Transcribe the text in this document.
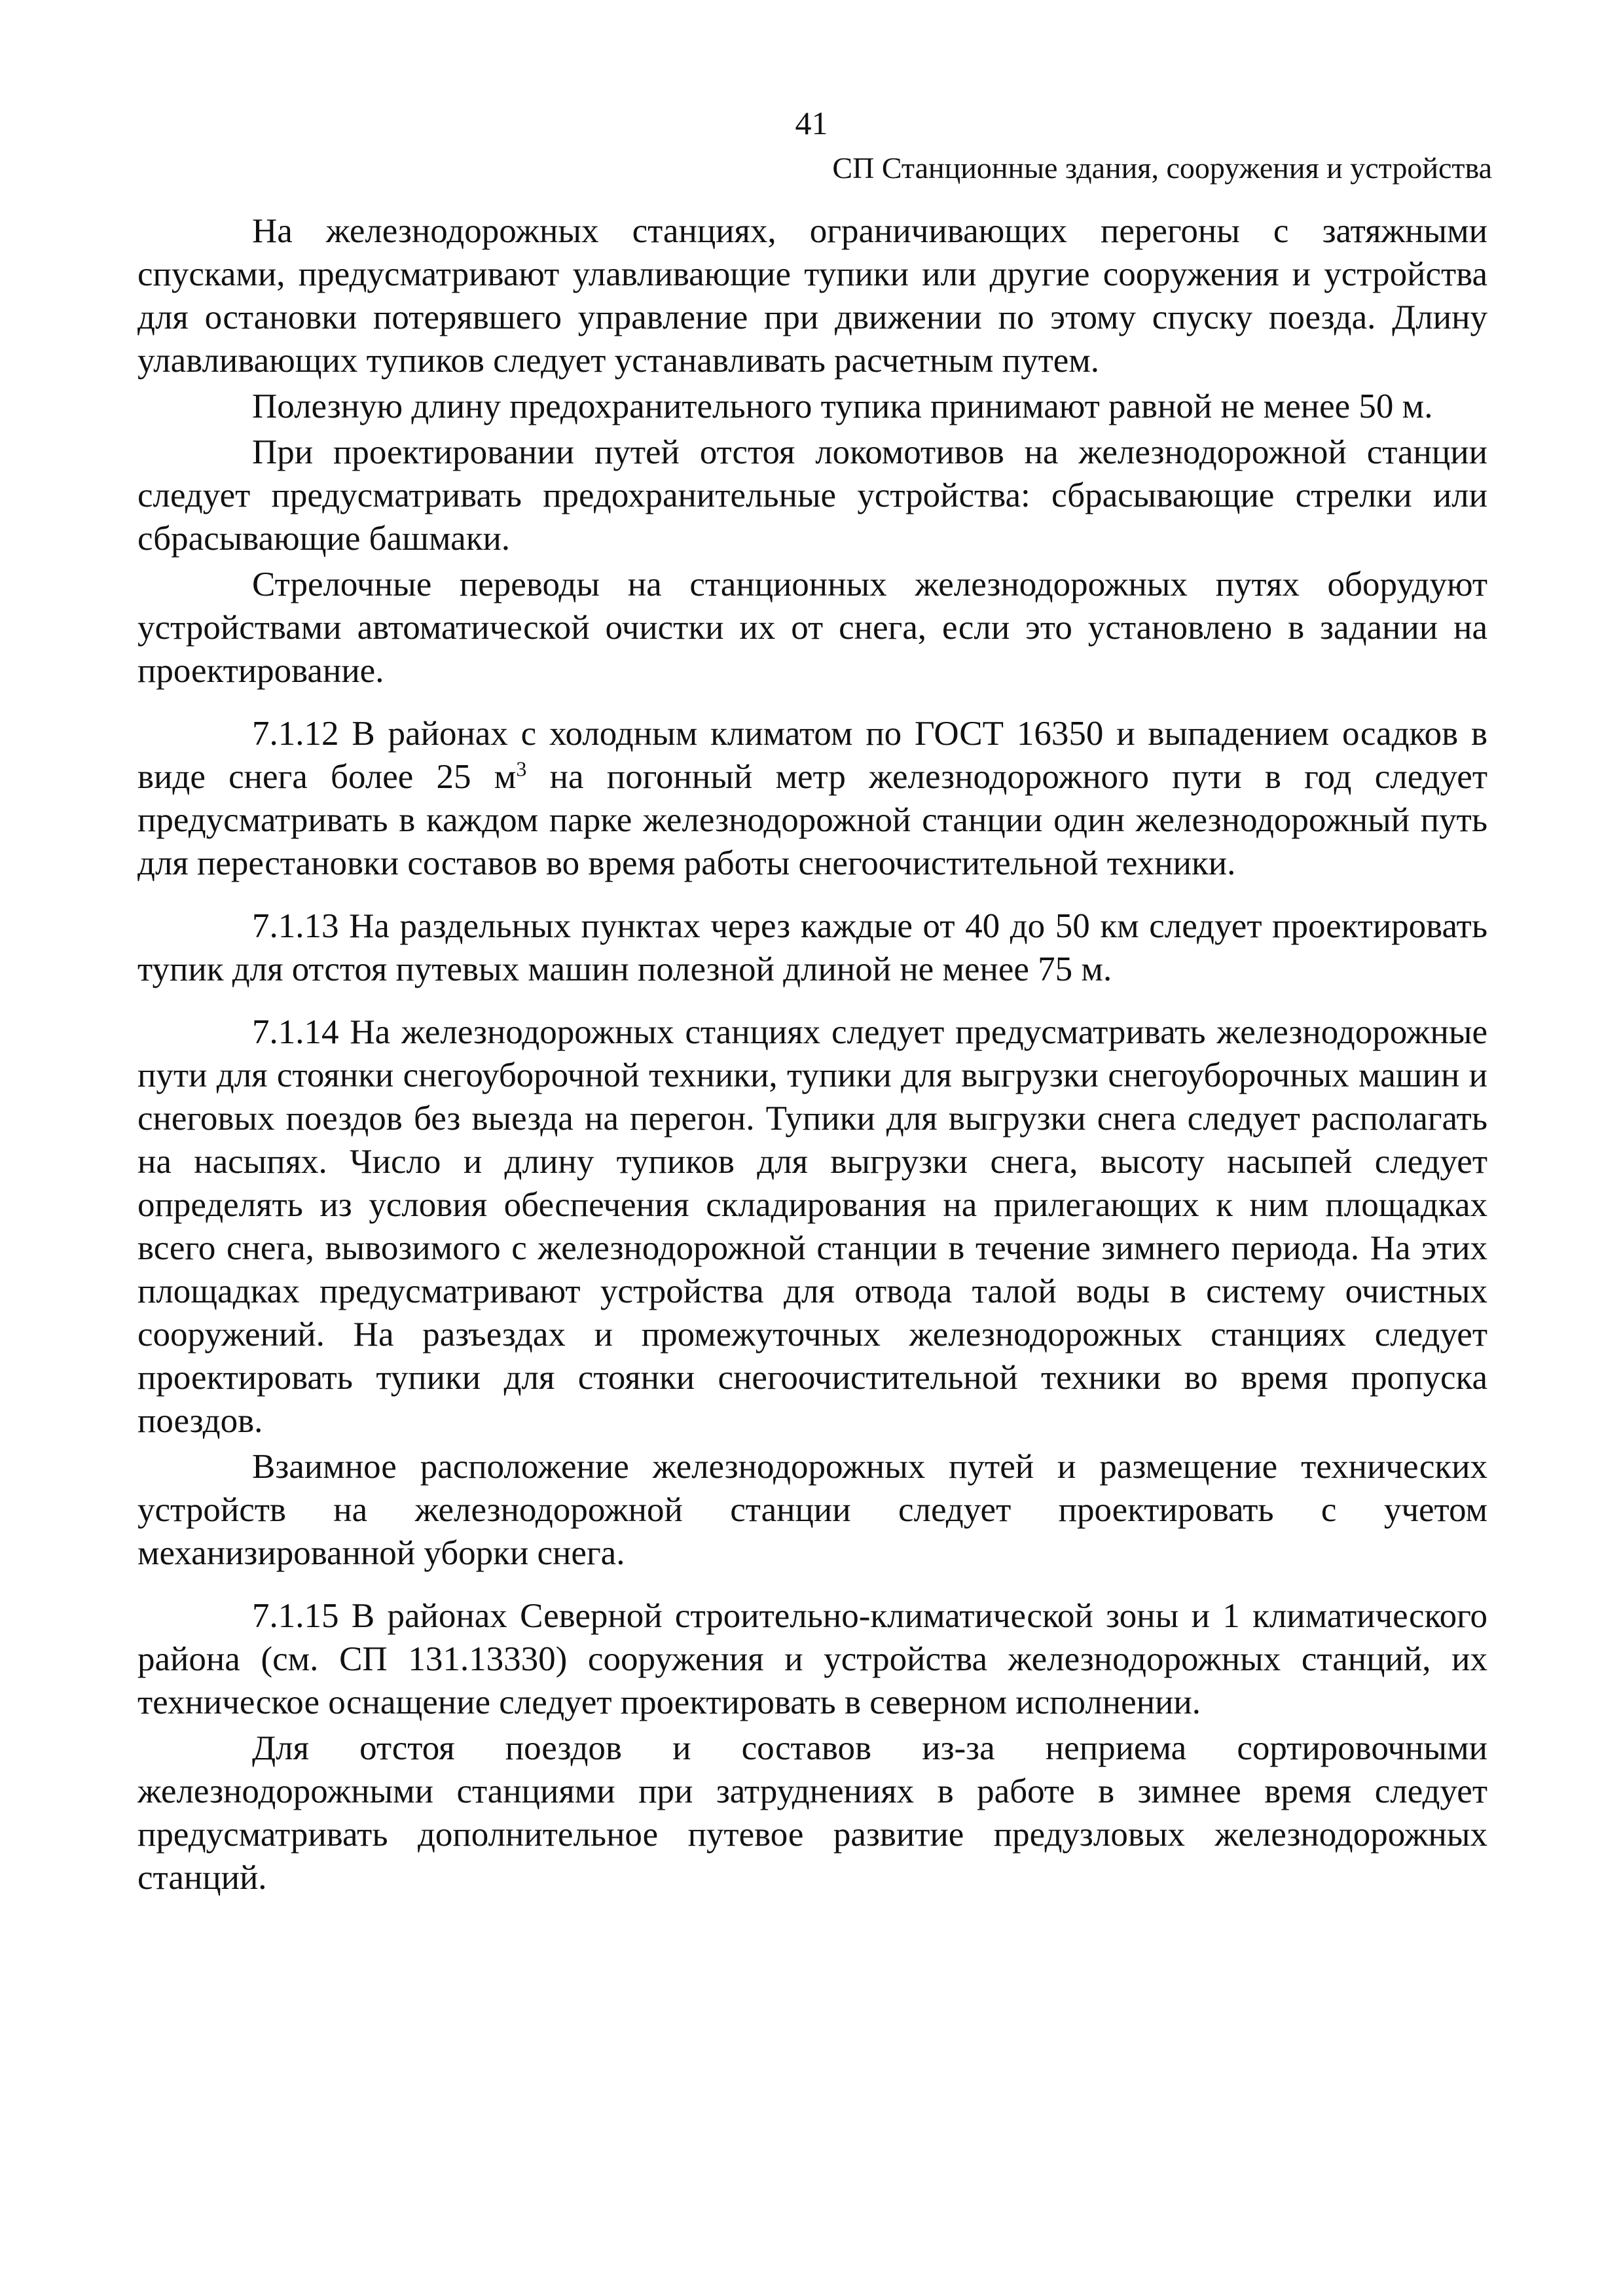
41
СП Станционные здания, сооружения и устройства

На железнодорожных станциях, ограничивающих перегоны с затяжными спусками, предусматривают улавливающие тупики или другие сооружения и устройства для остановки потерявшего управление при движении по этому спуску поезда. Длину улавливающих тупиков следует устанавливать расчетным путем.

Полезную длину предохранительного тупика принимают равной не менее 50 м.

При проектировании путей отстоя локомотивов на железнодорожной станции следует предусматривать предохранительные устройства: сбрасывающие стрелки или сбрасывающие башмаки.

Стрелочные переводы на станционных железнодорожных путях оборудуют устройствами автоматической очистки их от снега, если это установлено в задании на проектирование.

7.1.12 В районах с холодным климатом по ГОСТ 16350 и выпадением осадков в виде снега более 25 $м^3$ на погонный метр железнодорожного пути в год следует предусматривать в каждом парке железнодорожной станции один железнодорожный путь для перестановки составов во время работы снегоочистительной техники.

7.1.13 На раздельных пунктах через каждые от 40 до 50 км следует проектировать тупик для отстоя путевых машин полезной длиной не менее 75 м.

7.1.14 На железнодорожных станциях следует предусматривать железнодорожные пути для стоянки снегоуборочной техники, тупики для выгрузки снегоуборочных машин и снеговых поездов без выезда на перегон. Тупики для выгрузки снега следует располагать на насыпях. Число и длину тупиков для выгрузки снега, высоту насыпей следует определять из условия обеспечения складирования на прилегающих к ним площадках всего снега, вывозимого с железнодорожной станции в течение зимнего периода. На этих площадках предусматривают устройства для отвода талой воды в систему очистных сооружений. На разъездах и промежуточных железнодорожных станциях следует проектировать тупики для стоянки снегоочистительной техники во время пропуска поездов.

Взаимное расположение железнодорожных путей и размещение технических устройств на железнодорожной станции следует проектировать с учетом механизированной уборки снега.

7.1.15 В районах Северной строительно-климатической зоны и 1 климатического района (см. СП 131.13330) сооружения и устройства железнодорожных станций, их техническое оснащение следует проектировать в северном исполнении.

Для отстоя поездов и составов из-за неприема сортировочными железнодорожными станциями при затруднениях в работе в зимнее время следует предусматривать дополнительное путевое развитие предузловых железнодорожных станций.
